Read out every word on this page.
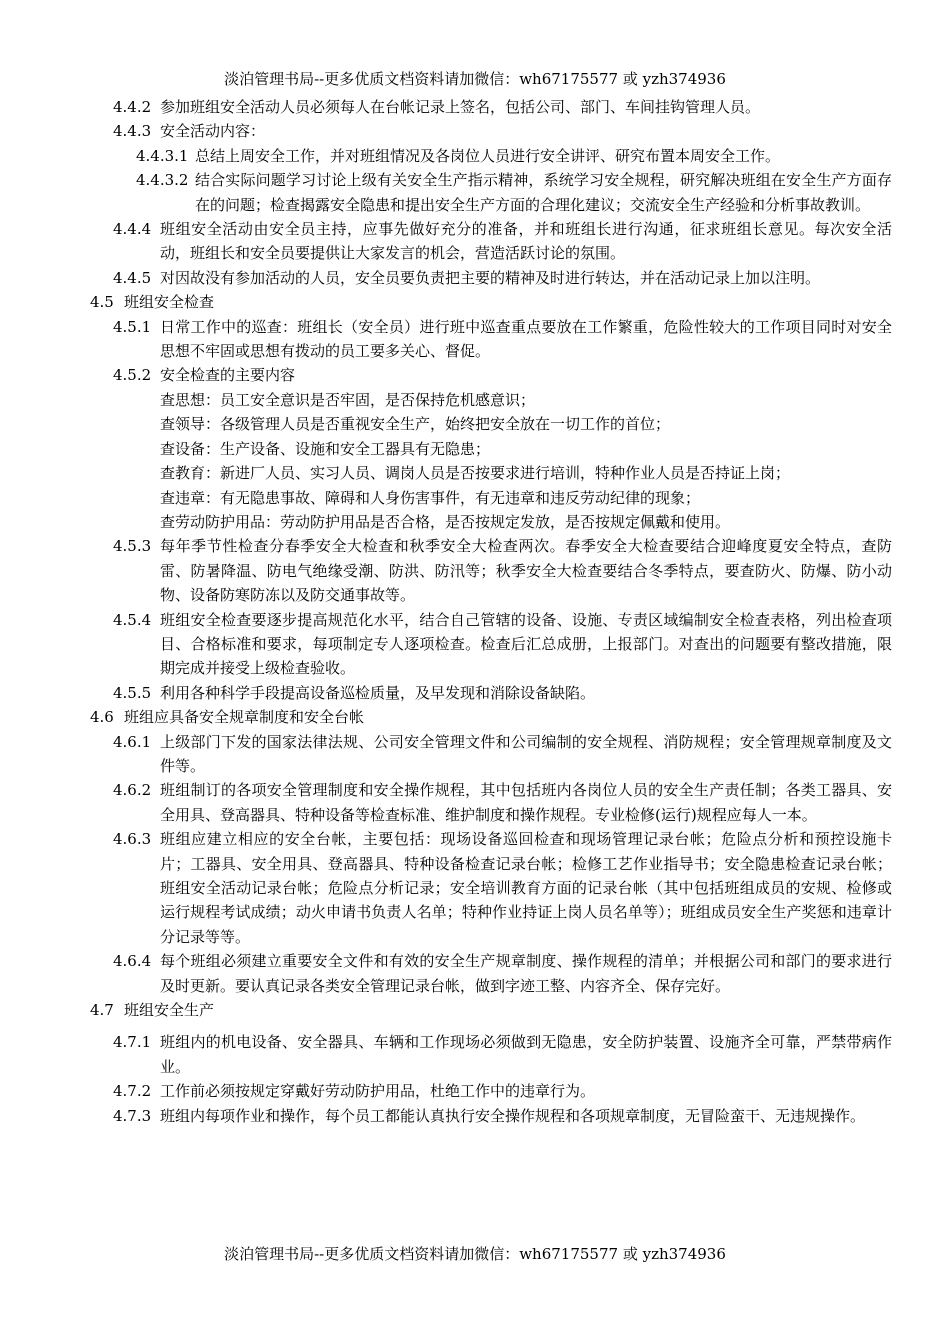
淡泊管理书局--更多优质文档资料请加微信：wh67175577 或 yzh374936
4.4.2 参加班组安全活动人员必须每人在台帐记录上签名，包括公司、部门、车间挂钩管理人员。
4.4.3 安全活动内容：
4.4.3.1 总结上周安全工作，并对班组情况及各岗位人员进行安全讲评、研究布置本周安全工作。
4.4.3.2 结合实际问题学习讨论上级有关安全生产指示精神，系统学习安全规程，研究解决班组在安全生产方面存在的问题；检查揭露安全隐患和提出安全生产方面的合理化建议；交流安全生产经验和分析事故教训。
4.4.4 班组安全活动由安全员主持，应事先做好充分的准备，并和班组长进行沟通，征求班组长意见。每次安全活动，班组长和安全员要提供让大家发言的机会，营造活跃讨论的氛围。
4.4.5 对因故没有参加活动的人员，安全员要负责把主要的精神及时进行转达，并在活动记录上加以注明。
4.5 班组安全检查
4.5.1 日常工作中的巡查：班组长（安全员）进行班中巡查重点要放在工作繁重，危险性较大的工作项目同时对安全思想不牢固或思想有拨动的员工要多关心、督促。
4.5.2 安全检查的主要内容
查思想：员工安全意识是否牢固，是否保持危机感意识；
查领导：各级管理人员是否重视安全生产，始终把安全放在一切工作的首位；
查设备：生产设备、设施和安全工器具有无隐患；
查教育：新进厂人员、实习人员、调岗人员是否按要求进行培训，特种作业人员是否持证上岗；
查违章：有无隐患事故、障碍和人身伤害事件，有无违章和违反劳动纪律的现象；
查劳动防护用品：劳动防护用品是否合格，是否按规定发放，是否按规定佩戴和使用。
4.5.3 每年季节性检查分春季安全大检查和秋季安全大检查两次。春季安全大检查要结合迎峰度夏安全特点，查防雷、防暑降温、防电气绝缘受潮、防洪、防汛等；秋季安全大检查要结合冬季特点，要查防火、防爆、防小动物、设备防寒防冻以及防交通事故等。
4.5.4 班组安全检查要逐步提高规范化水平，结合自己管辖的设备、设施、专责区域编制安全检查表格，列出检查项目、合格标准和要求，每项制定专人逐项检查。检查后汇总成册，上报部门。对查出的问题要有整改措施，限期完成并接受上级检查验收。
4.5.5 利用各种科学手段提高设备巡检质量，及早发现和消除设备缺陷。
4.6 班组应具备安全规章制度和安全台帐
4.6.1 上级部门下发的国家法律法规、公司安全管理文件和公司编制的安全规程、消防规程；安全管理规章制度及文件等。
4.6.2 班组制订的各项安全管理制度和安全操作规程，其中包括班内各岗位人员的安全生产责任制；各类工器具、安全用具、登高器具、特种设备等检查标准、维护制度和操作规程。专业检修(运行)规程应每人一本。
4.6.3 班组应建立相应的安全台帐，主要包括：现场设备巡回检查和现场管理记录台帐；危险点分析和预控设施卡片；工器具、安全用具、登高器具、特种设备检查记录台帐；检修工艺作业指导书；安全隐患检查记录台帐；班组安全活动记录台帐；危险点分析记录；安全培训教育方面的记录台帐（其中包括班组成员的安规、检修或运行规程考试成绩；动火申请书负责人名单；特种作业持证上岗人员名单等）；班组成员安全生产奖惩和违章计分记录等等。
4.6.4 每个班组必须建立重要安全文件和有效的安全生产规章制度、操作规程的清单；并根据公司和部门的要求进行及时更新。要认真记录各类安全管理记录台帐，做到字迹工整、内容齐全、保存完好。
4.7 班组安全生产
4.7.1 班组内的机电设备、安全器具、车辆和工作现场必须做到无隐患，安全防护装置、设施齐全可靠，严禁带病作业。
4.7.2 工作前必须按规定穿戴好劳动防护用品，杜绝工作中的违章行为。
4.7.3 班组内每项作业和操作，每个员工都能认真执行安全操作规程和各项规章制度，无冒险蛮干、无违规操作。
淡泊管理书局--更多优质文档资料请加微信：wh67175577 或 yzh374936
